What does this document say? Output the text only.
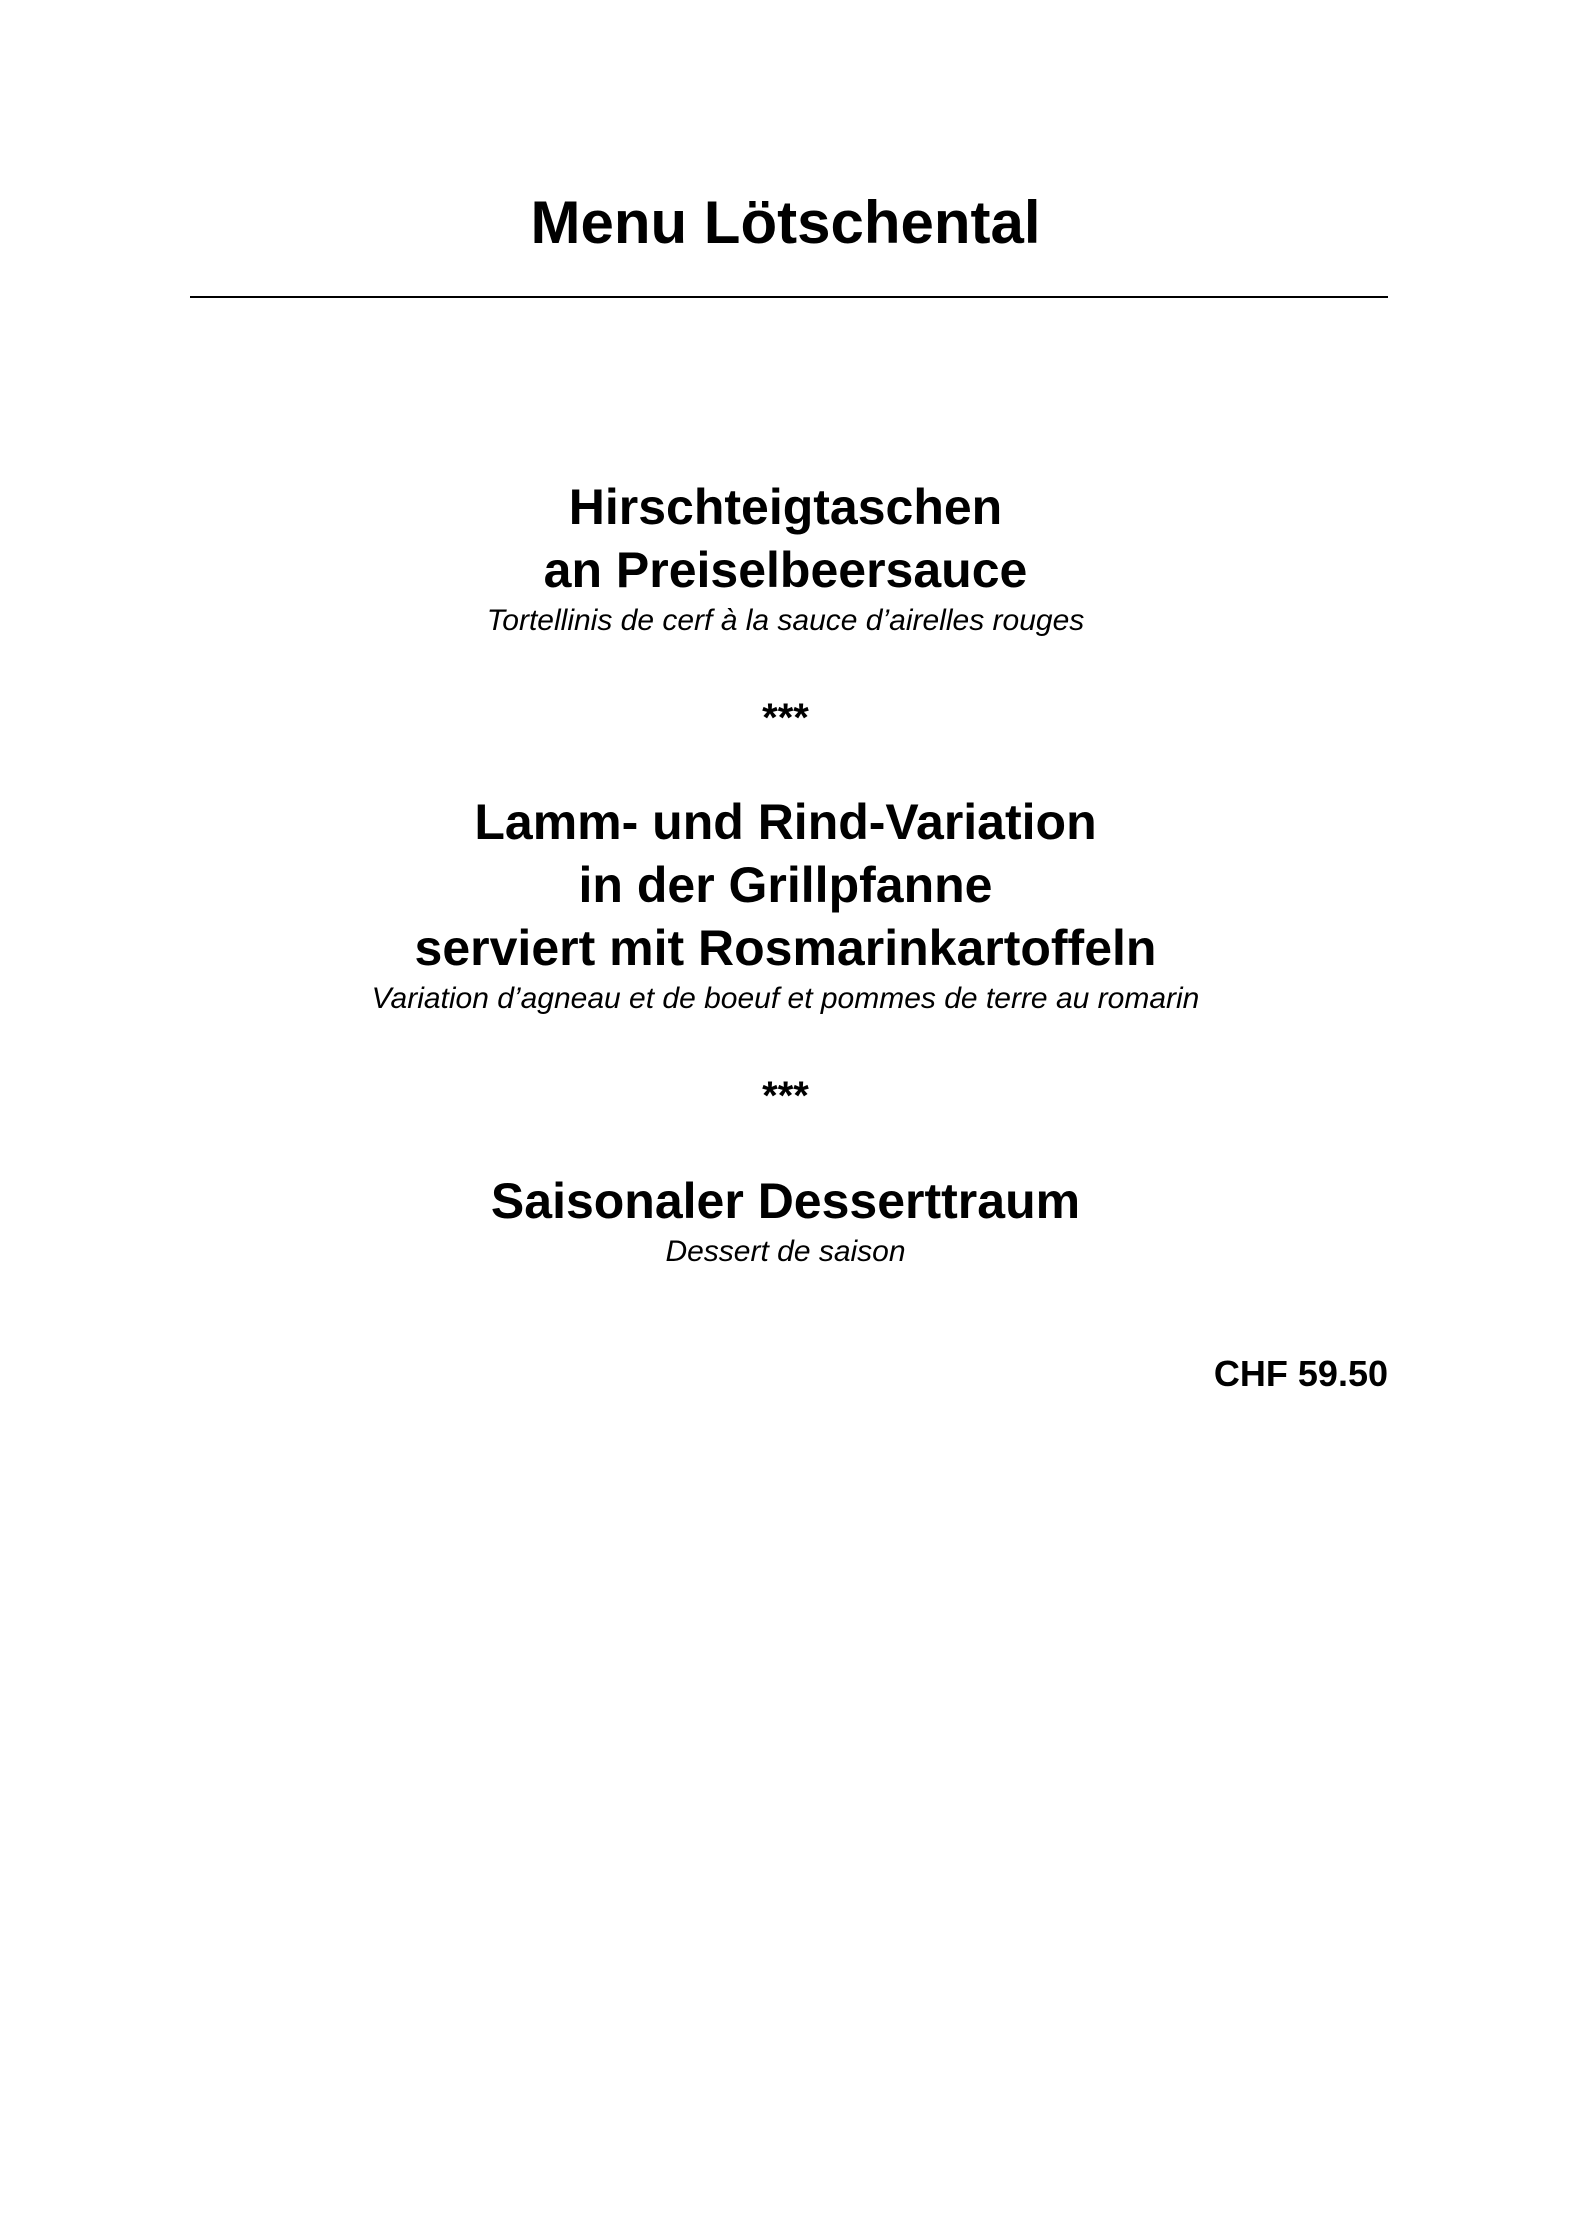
Menu Lötschental

Hirschteigtaschen

an Preiselbeersauce

Tortellinis de cerf à la sauce d’airelles rouges

***

Lamm- und Rind-Variation

in der Grillpfanne

serviert mit Rosmarinkartoffeln

Variation d’agneau et de boeuf et pommes de terre au romarin

***

Saisonaler Desserttraum

Dessert de saison

CHF 59.50
